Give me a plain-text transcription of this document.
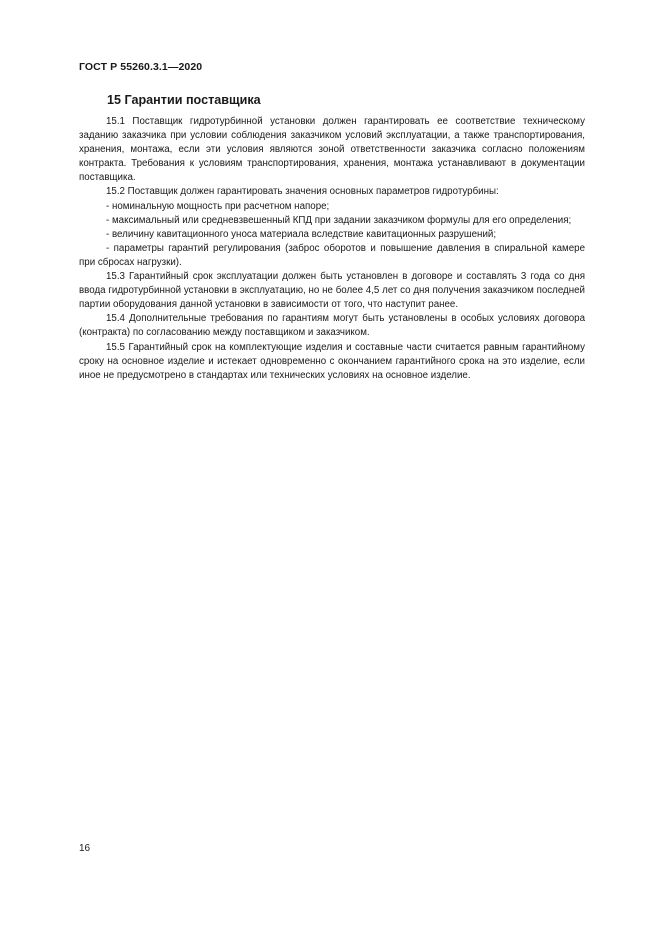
ГОСТ Р 55260.3.1—2020
15 Гарантии поставщика

15.1 Поставщик гидротурбинной установки должен гарантировать ее соответствие техническому заданию заказчика при условии соблюдения заказчиком условий эксплуатации, а также транспортирования, хранения, монтажа, если эти условия являются зоной ответственности заказчика согласно положениям контракта. Требования к условиям транспортирования, хранения, монтажа устанавливают в документации поставщика.

15.2 Поставщик должен гарантировать значения основных параметров гидротурбины:

- номинальную мощность при расчетном напоре;

- максимальный или средневзвешенный КПД при задании заказчиком формулы для его определения;

- величину кавитационного уноса материала вследствие кавитационных разрушений;

- параметры гарантий регулирования (заброс оборотов и повышение давления в спиральной камере при сбросах нагрузки).

15.3 Гарантийный срок эксплуатации должен быть установлен в договоре и составлять 3 года со дня ввода гидротурбинной установки в эксплуатацию, но не более 4,5 лет со дня получения заказчиком последней партии оборудования данной установки в зависимости от того, что наступит ранее.

15.4 Дополнительные требования по гарантиям могут быть установлены в особых условиях договора (контракта) по согласованию между поставщиком и заказчиком.

15.5 Гарантийный срок на комплектующие изделия и составные части считается равным гарантийному сроку на основное изделие и истекает одновременно с окончанием гарантийного срока на это изделие, если иное не предусмотрено в стандартах или технических условиях на основное изделие.

16
